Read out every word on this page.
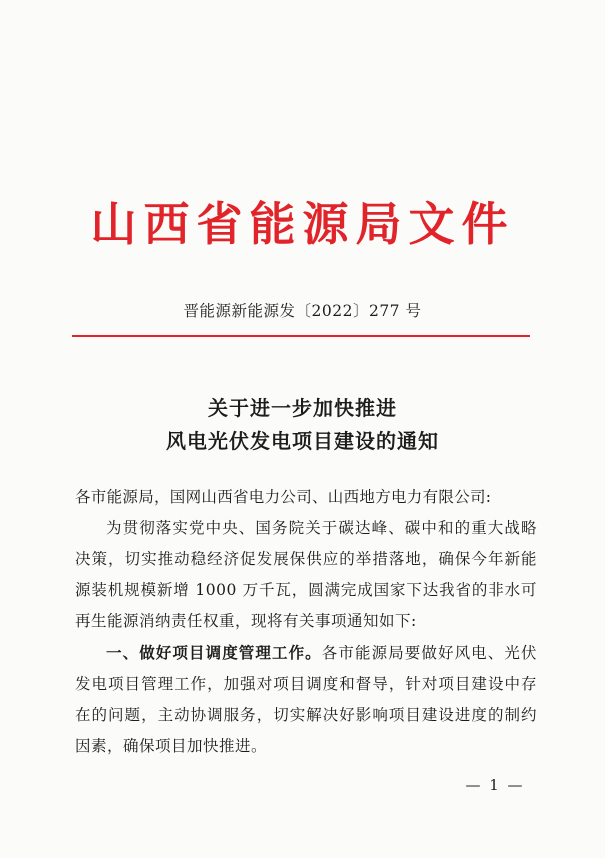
山西省能源局文件
晋能源新能源发〔2022〕277 号
关于进一步加快推进
风电光伏发电项目建设的通知
各市能源局，国网山西省电力公司、山西地方电力有限公司:

为贯彻落实党中央、国务院关于碳达峰、碳中和的重大战略决策，切实推动稳经济促发展保供应的举措落地，确保今年新能源装机规模新增 1000 万千瓦，圆满完成国家下达我省的非水可再生能源消纳责任权重，现将有关事项通知如下:

一、做好项目调度管理工作。各市能源局要做好风电、光伏发电项目管理工作，加强对项目调度和督导，针对项目建设中存在的问题，主动协调服务，切实解决好影响项目建设进度的制约因素，确保项目加快推进。

— 1 —
